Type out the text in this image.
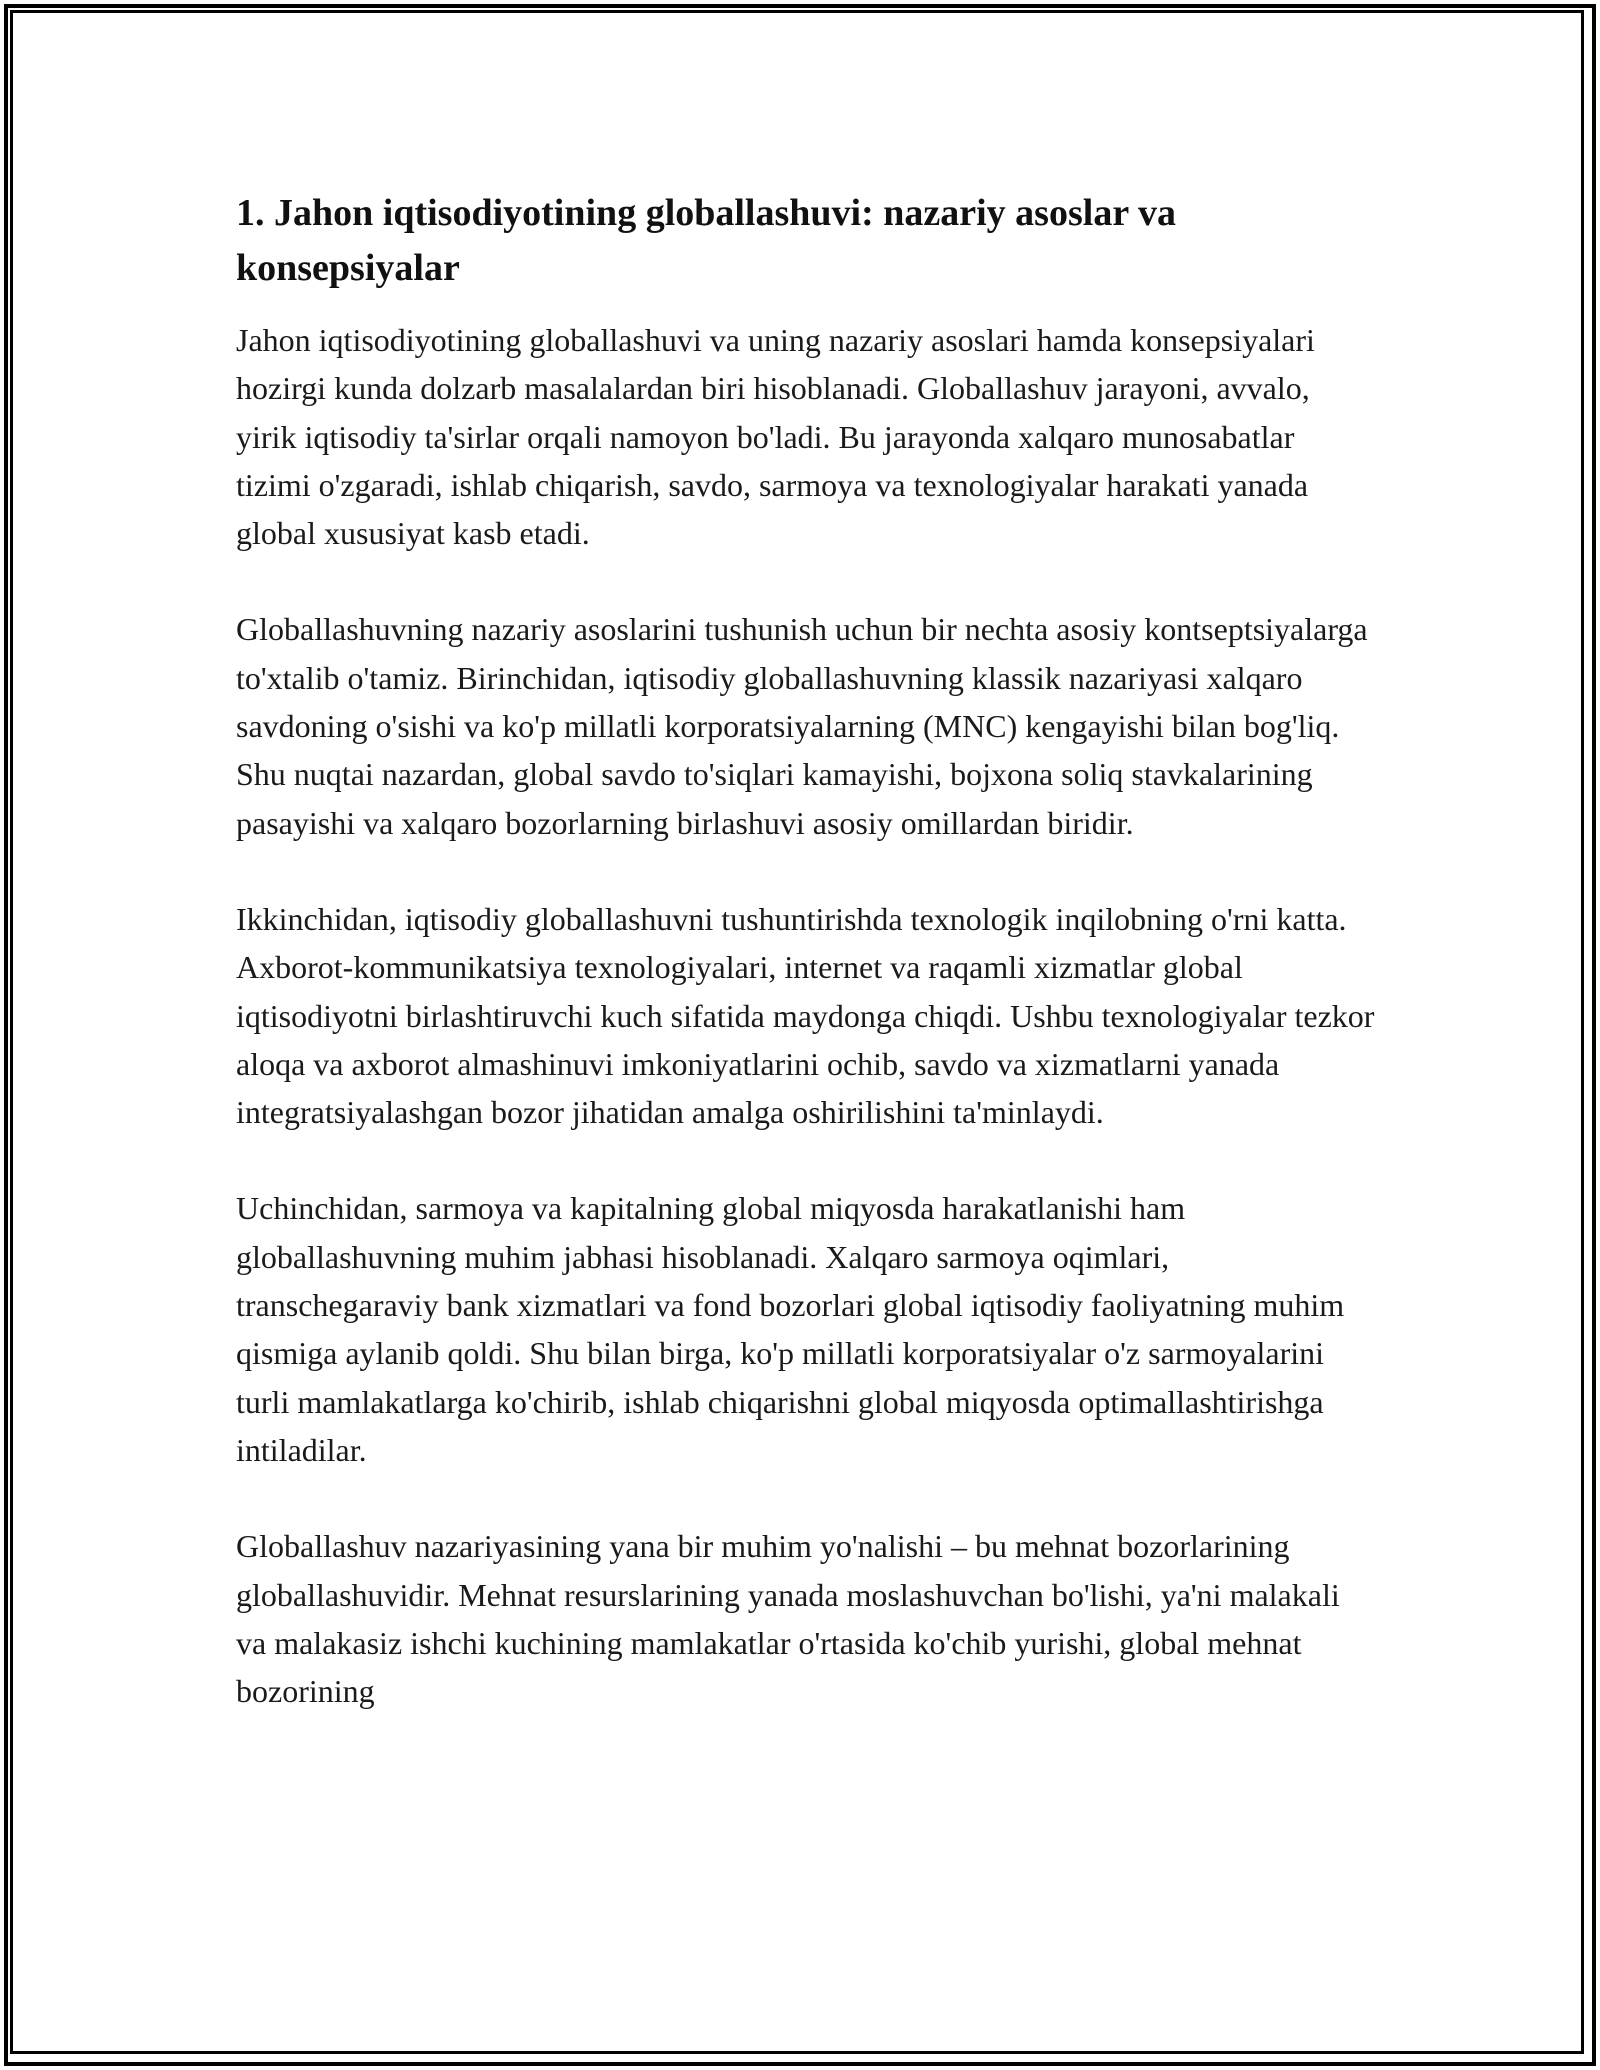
1. Jahon iqtisodiyotining globallashuvi: nazariy asoslar va konsepsiyalar

Jahon iqtisodiyotining globallashuvi va uning nazariy asoslari hamda konsepsiyalari hozirgi kunda dolzarb masalalardan biri hisoblanadi. Globallashuv jarayoni, avvalo, yirik iqtisodiy ta'sirlar orqali namoyon bo'ladi. Bu jarayonda xalqaro munosabatlar tizimi o'zgaradi, ishlab chiqarish, savdo, sarmoya va texnologiyalar harakati yanada global xususiyat kasb etadi.

Globallashuvning nazariy asoslarini tushunish uchun bir nechta asosiy kontseptsiyalarga to'xtalib o'tamiz. Birinchidan, iqtisodiy globallashuvning klassik nazariyasi xalqaro savdoning o'sishi va ko'p millatli korporatsiyalarning (MNC) kengayishi bilan bog'liq. Shu nuqtai nazardan, global savdo to'siqlari kamayishi, bojxona soliq stavkalarining pasayishi va xalqaro bozorlarning birlashuvi asosiy omillardan biridir.

Ikkinchidan, iqtisodiy globallashuvni tushuntirishda texnologik inqilobning o'rni katta. Axborot-kommunikatsiya texnologiyalari, internet va raqamli xizmatlar global iqtisodiyotni birlashtiruvchi kuch sifatida maydonga chiqdi. Ushbu texnologiyalar tezkor aloqa va axborot almashinuvi imkoniyatlarini ochib, savdo va xizmatlarni yanada integratsiyalashgan bozor jihatidan amalga oshirilishini ta'minlaydi.

Uchinchidan, sarmoya va kapitalning global miqyosda harakatlanishi ham globallashuvning muhim jabhasi hisoblanadi. Xalqaro sarmoya oqimlari, transchegaraviy bank xizmatlari va fond bozorlari global iqtisodiy faoliyatning muhim qismiga aylanib qoldi. Shu bilan birga, ko'p millatli korporatsiyalar o'z sarmoyalarini turli mamlakatlarga ko'chirib, ishlab chiqarishni global miqyosda optimallashtirishga intiladilar.

Globallashuv nazariyasining yana bir muhim yo'nalishi – bu mehnat bozorlarining globallashuvidir. Mehnat resurslarining yanada moslashuvchan bo'lishi, ya'ni malakali va malakasiz ishchi kuchining mamlakatlar o'rtasida ko'chib yurishi, global mehnat bozorining
